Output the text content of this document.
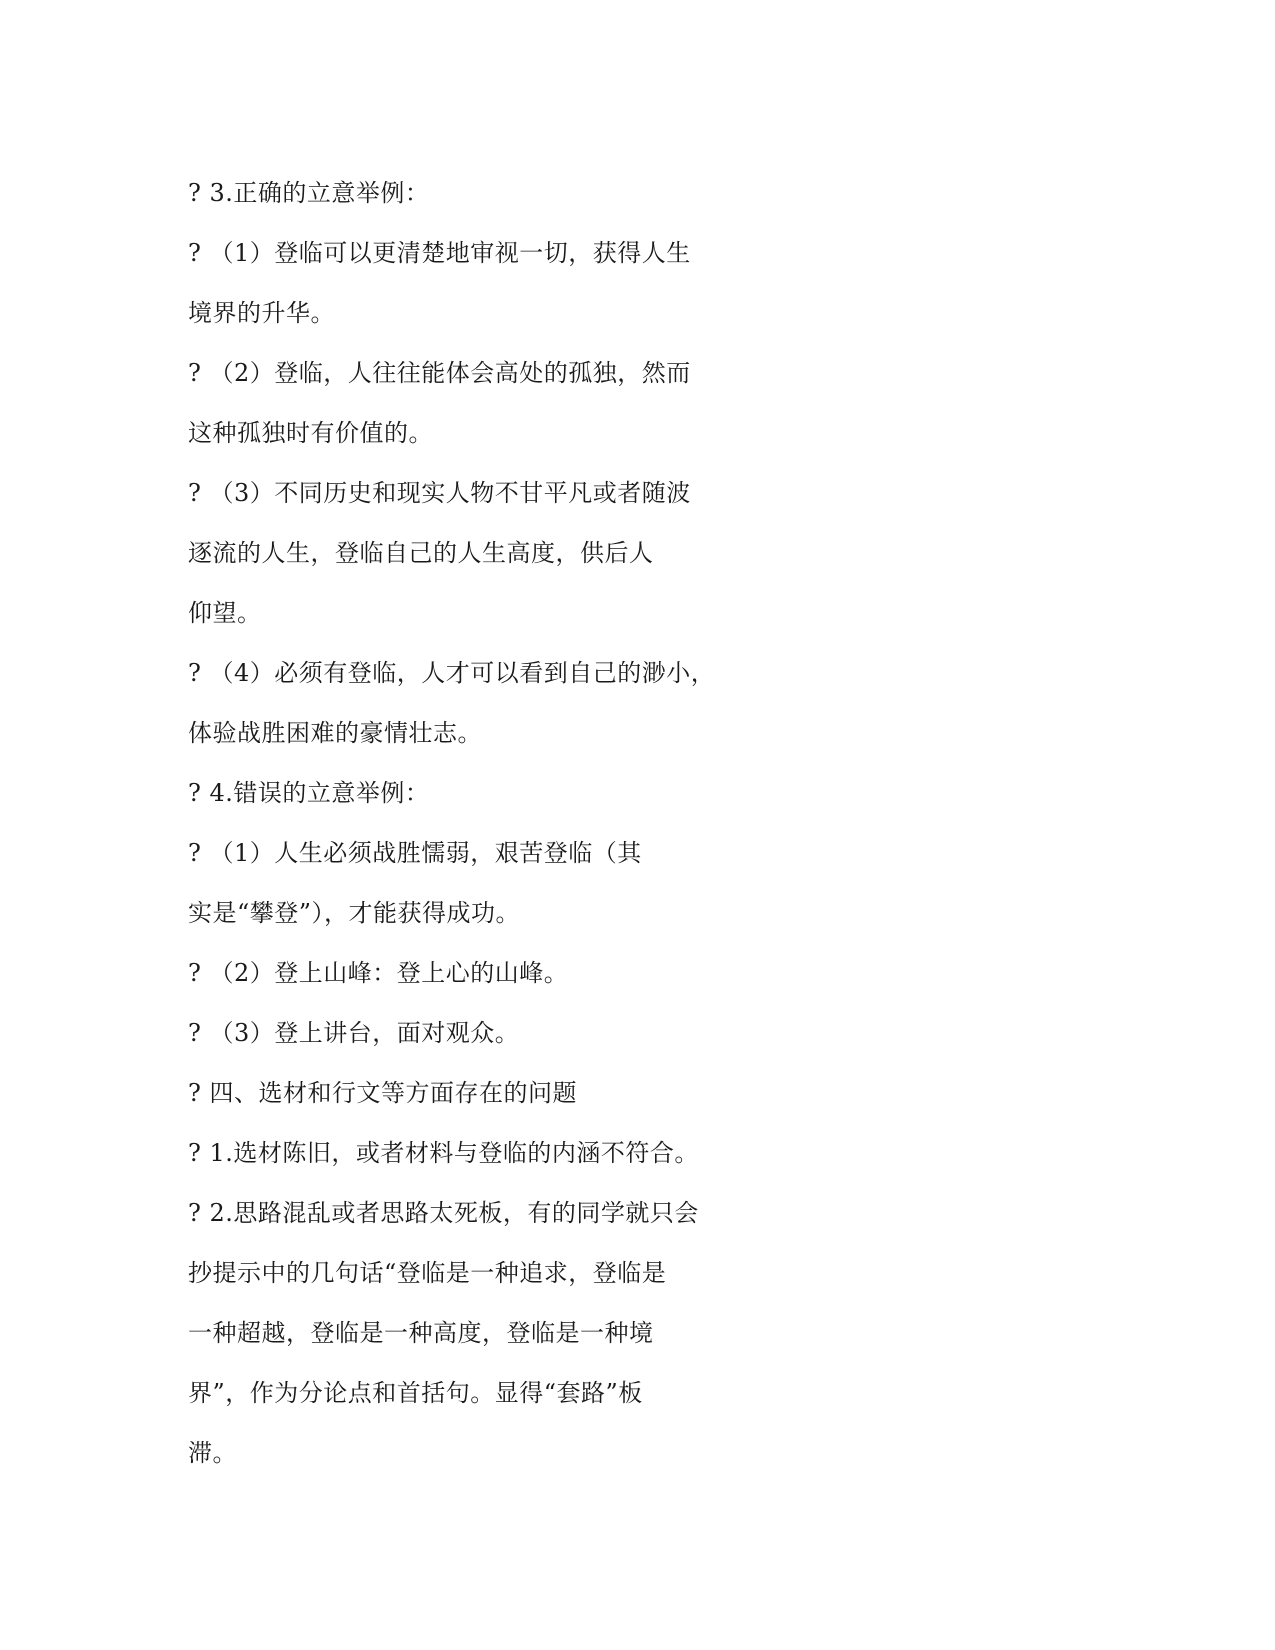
? 3.正确的立意举例：
? （1）登临可以更清楚地审视一切，获得人生
境界的升华。
? （2）登临，人往往能体会高处的孤独，然而
这种孤独时有价值的。
? （3）不同历史和现实人物不甘平凡或者随波
逐流的人生，登临自己的人生高度，供后人
仰望。
? （4）必须有登临，人才可以看到自己的渺小，
体验战胜困难的豪情壮志。
? 4.错误的立意举例：
? （1）人生必须战胜懦弱，艰苦登临（其
实是“攀登”），才能获得成功。
? （2）登上山峰：登上心的山峰。
? （3）登上讲台，面对观众。
? 四、选材和行文等方面存在的问题
? 1.选材陈旧，或者材料与登临的内涵不符合。
? 2.思路混乱或者思路太死板，有的同学就只会
抄提示中的几句话“登临是一种追求，登临是
一种超越，登临是一种高度，登临是一种境
界”，作为分论点和首括句。显得“套路”板
滞。
